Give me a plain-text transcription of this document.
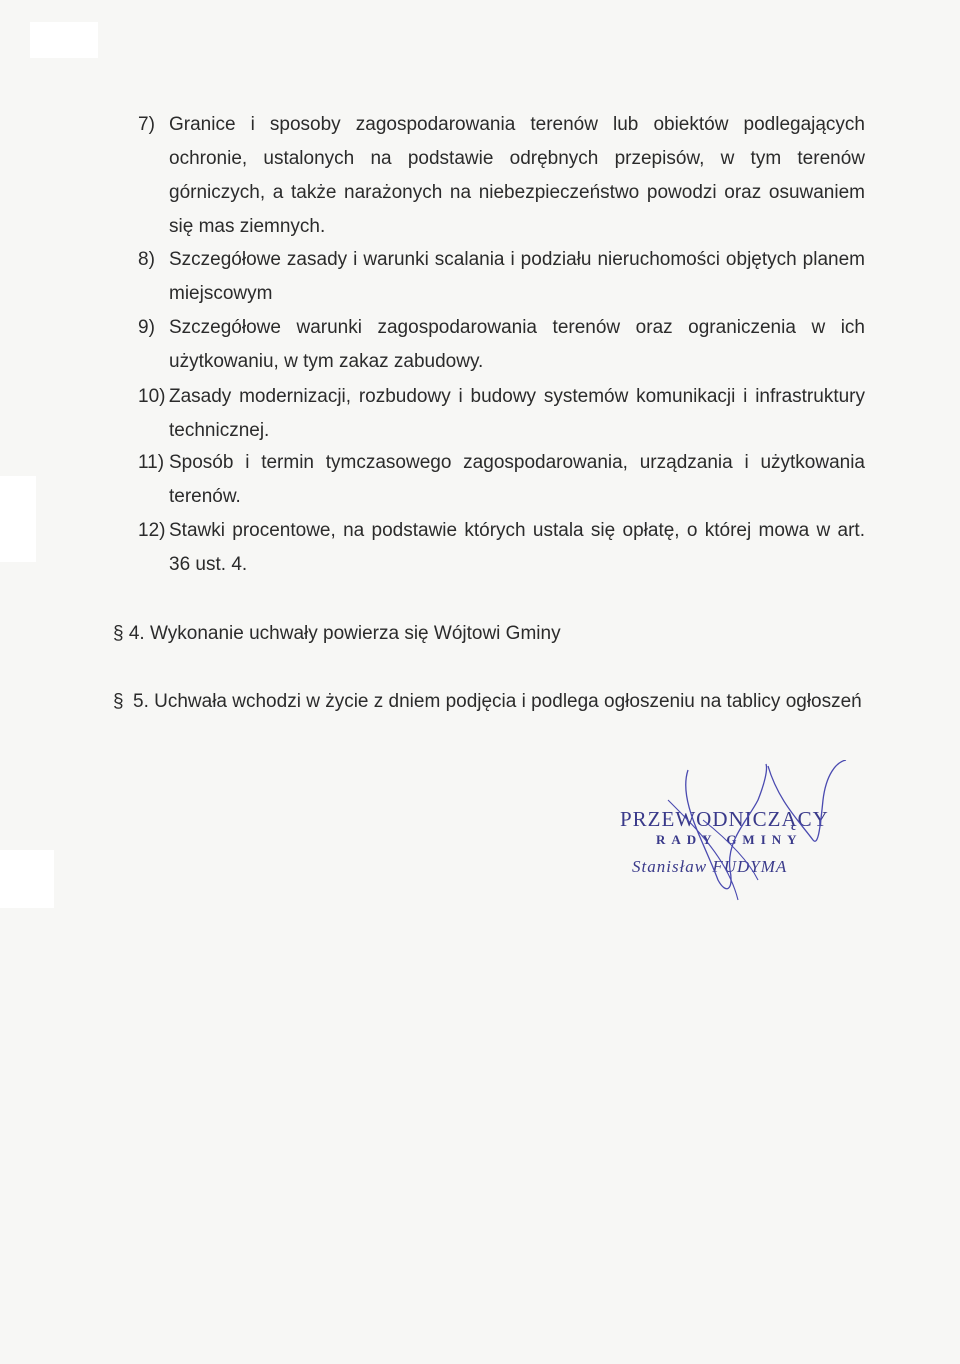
7) Granice i sposoby zagospodarowania terenów lub obiektów podlegających ochronie, ustalonych na podstawie odrębnych przepisów, w tym terenów górniczych, a także narażonych na niebezpieczeństwo powodzi oraz osuwaniem się mas ziemnych.
8) Szczegółowe zasady i warunki scalania i podziału nieruchomości objętych planem miejscowym
9) Szczegółowe warunki zagospodarowania terenów oraz ograniczenia w ich użytkowaniu, w tym zakaz zabudowy.
10) Zasady modernizacji, rozbudowy i budowy systemów komunikacji i infrastruktury technicznej.
11) Sposób i termin tymczasowego zagospodarowania, urządzania i użytkowania terenów.
12) Stawki procentowe, na podstawie których ustala się opłatę, o której mowa w art. 36 ust. 4.
§ 4. Wykonanie uchwały powierza się Wójtowi Gminy
§ 5. Uchwała wchodzi w życie z dniem podjęcia i podlega ogłoszeniu na tablicy ogłoszeń
PRZEWODNICZĄCY
RADY GMINY
Stanisław FUDYMA
